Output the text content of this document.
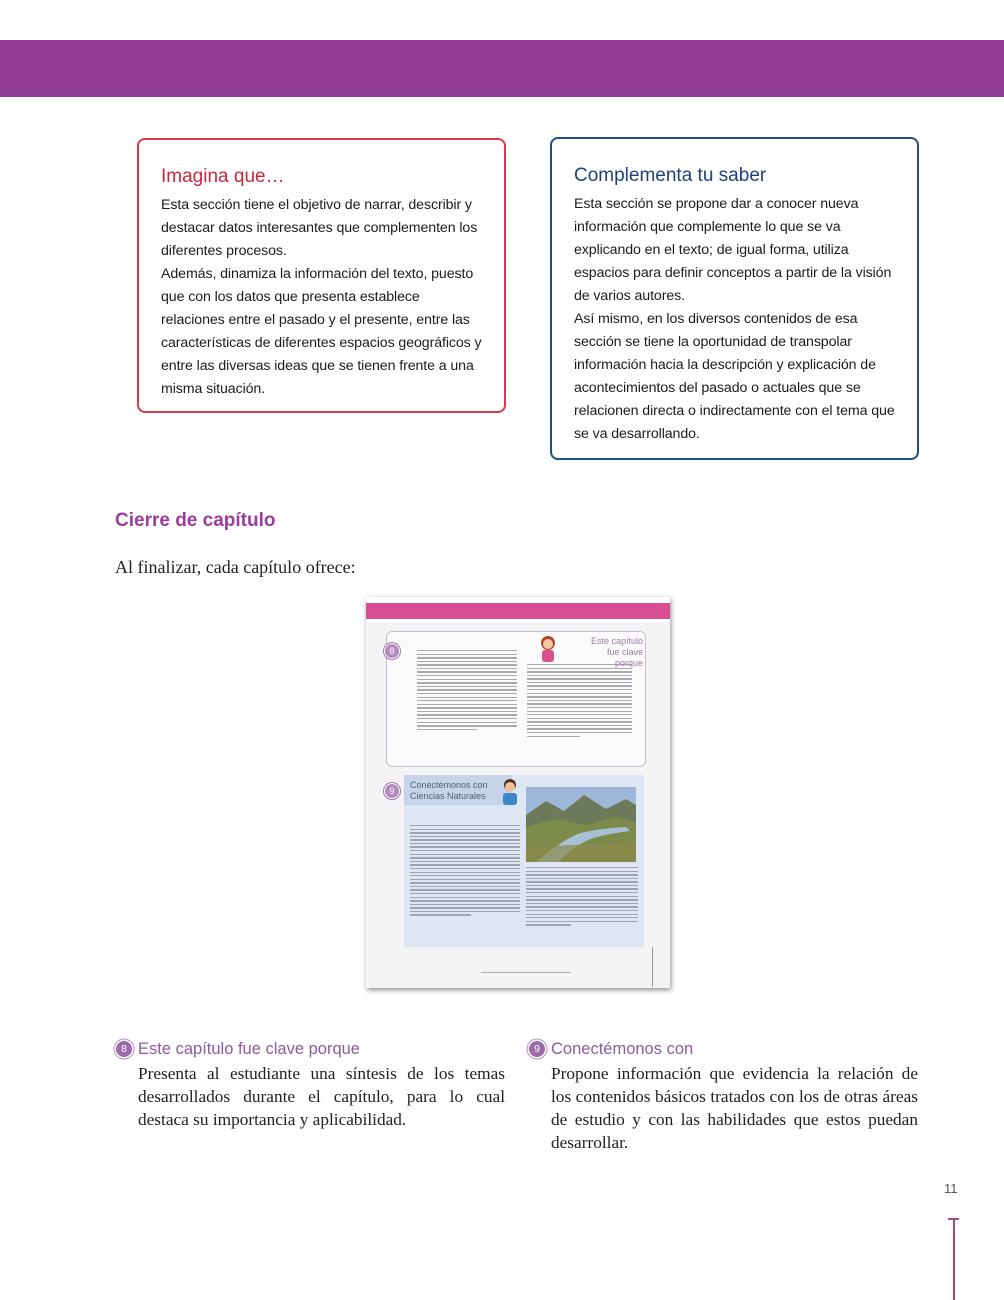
Imagina que…

Esta sección tiene el objetivo de narrar, describir y destacar datos interesantes que complementen los diferentes procesos.

Además, dinamiza la información del texto, puesto que con los datos que presenta establece relaciones entre el pasado y el presente, entre las características de diferentes espacios geográficos y entre las diversas ideas que se tienen frente a una misma situación.

Complementa tu saber

Esta sección se propone dar a conocer nueva información que complemente lo que se va explicando en el texto; de igual forma, utiliza espacios para definir conceptos a partir de la visión de varios autores.

Así mismo, en los diversos contenidos de esa sección se tiene la oportunidad de transpolar información hacia la descripción y explicación de acontecimientos del pasado o actuales que se relacionen directa o indirectamente con el tema que se va desarrollando.

Cierre de capítulo

Al finalizar, cada capítulo ofrece:

Este capítulo fue clave porque
8
Conectémonos con Ciencias Naturales
9
8 Este capítulo fue clave porque

Presenta al estudiante una síntesis de los temas desarrollados durante el capítulo, para lo cual destaca su importancia y aplicabilidad.

9 Conectémonos con

Propone información que evidencia la relación de los contenidos básicos tratados con los de otras áreas de estudio y con las habilidades que estos puedan desarrollar.

11
